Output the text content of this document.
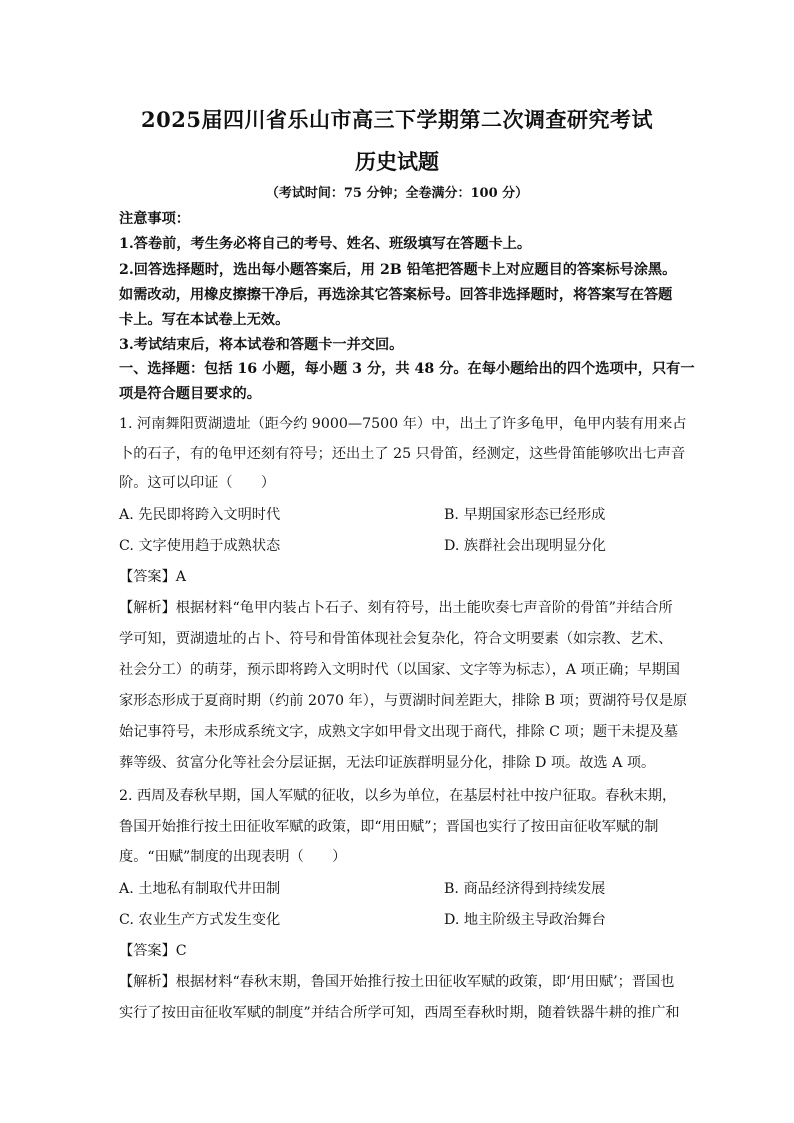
2025届四川省乐山市高三下学期第二次调查研究考试
历史试题
（考试时间：75 分钟；全卷满分：100 分）
注意事项：
1.答卷前，考生务必将自己的考号、姓名、班级填写在答题卡上。
2.回答选择题时，选出每小题答案后，用 2B 铅笔把答题卡上对应题目的答案标号涂黑。
如需改动，用橡皮擦擦干净后，再选涂其它答案标号。回答非选择题时，将答案写在答题
卡上。写在本试卷上无效。
3.考试结束后，将本试卷和答题卡一并交回。
一、选择题：包括 16 小题，每小题 3 分，共 48 分。在每小题给出的四个选项中，只有一
项是符合题目要求的。
1. 河南舞阳贾湖遗址（距今约 9000—7500 年）中，出土了许多龟甲，龟甲内装有用来占
卜的石子，有的龟甲还刻有符号；还出土了 25 只骨笛，经测定，这些骨笛能够吹出七声音
阶。这可以印证（　　）
A. 先民即将跨入文明时代	B. 早期国家形态已经形成
C. 文字使用趋于成熟状态	D. 族群社会出现明显分化
【答案】A
【解析】根据材料“龟甲内装占卜石子、刻有符号，出土能吹奏七声音阶的骨笛”并结合所
学可知，贾湖遗址的占卜、符号和骨笛体现社会复杂化，符合文明要素（如宗教、艺术、
社会分工）的萌芽，预示即将跨入文明时代（以国家、文字等为标志），A 项正确；早期国
家形态形成于夏商时期（约前 2070 年），与贾湖时间差距大，排除 B 项；贾湖符号仅是原
始记事符号，未形成系统文字，成熟文字如甲骨文出现于商代，排除 C 项；题干未提及墓
葬等级、贫富分化等社会分层证据，无法印证族群明显分化，排除 D 项。故选 A 项。
2. 西周及春秋早期，国人军赋的征收，以乡为单位，在基层村社中按户征取。春秋末期，
鲁国开始推行按土田征收军赋的政策，即“用田赋”；晋国也实行了按田亩征收军赋的制
度。“田赋”制度的出现表明（　　）
A. 土地私有制取代井田制	B. 商品经济得到持续发展
C. 农业生产方式发生变化	D. 地主阶级主导政治舞台
【答案】C
【解析】根据材料“春秋末期，鲁国开始推行按土田征收军赋的政策，即‘用田赋’；晋国也
实行了按田亩征收军赋的制度”并结合所学可知，西周至春秋时期，随着铁器牛耕的推广和
